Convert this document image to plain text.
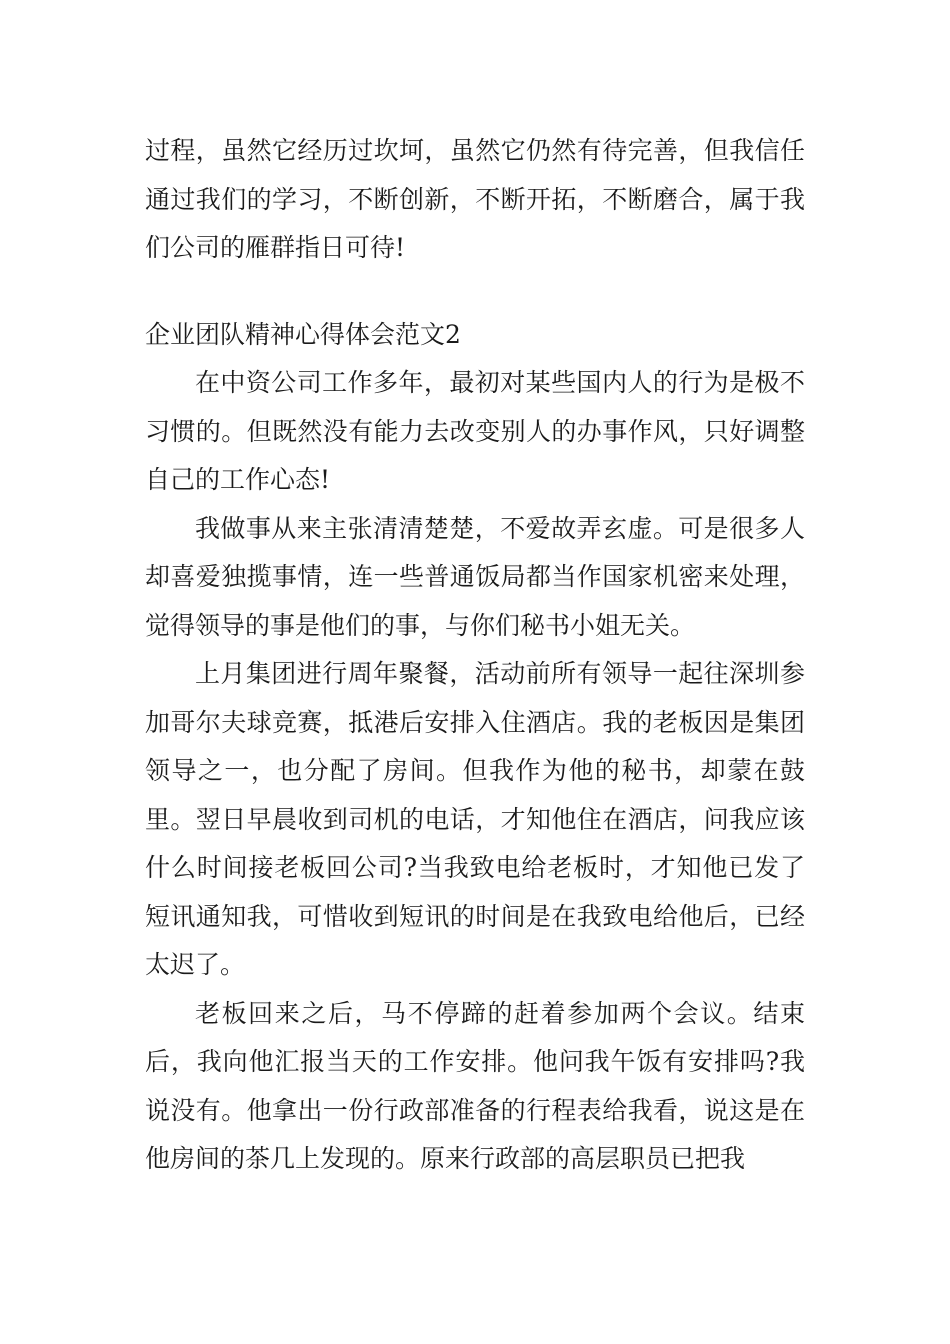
过程，虽然它经历过坎坷，虽然它仍然有待完善，但我信任通过我们的学习，不断创新，不断开拓，不断磨合，属于我们公司的雁群指日可待!

企业团队精神心得体会范文2

在中资公司工作多年，最初对某些国内人的行为是极不习惯的。但既然没有能力去改变别人的办事作风，只好调整自己的工作心态!

我做事从来主张清清楚楚，不爱故弄玄虚。可是很多人却喜爱独揽事情，连一些普通饭局都当作国家机密来处理，觉得领导的事是他们的事，与你们秘书小姐无关。

上月集团进行周年聚餐，活动前所有领导一起往深圳参加哥尔夫球竞赛，抵港后安排入住酒店。我的老板因是集团领导之一，也分配了房间。但我作为他的秘书，却蒙在鼓里。翌日早晨收到司机的电话，才知他住在酒店，问我应该什么时间接老板回公司?当我致电给老板时，才知他已发了短讯通知我，可惜收到短讯的时间是在我致电给他后，已经太迟了。

老板回来之后，马不停蹄的赶着参加两个会议。结束后，我向他汇报当天的工作安排。他问我午饭有安排吗?我说没有。他拿出一份行政部准备的行程表给我看，说这是在他房间的茶几上发现的。原来行政部的高层职员已把我
